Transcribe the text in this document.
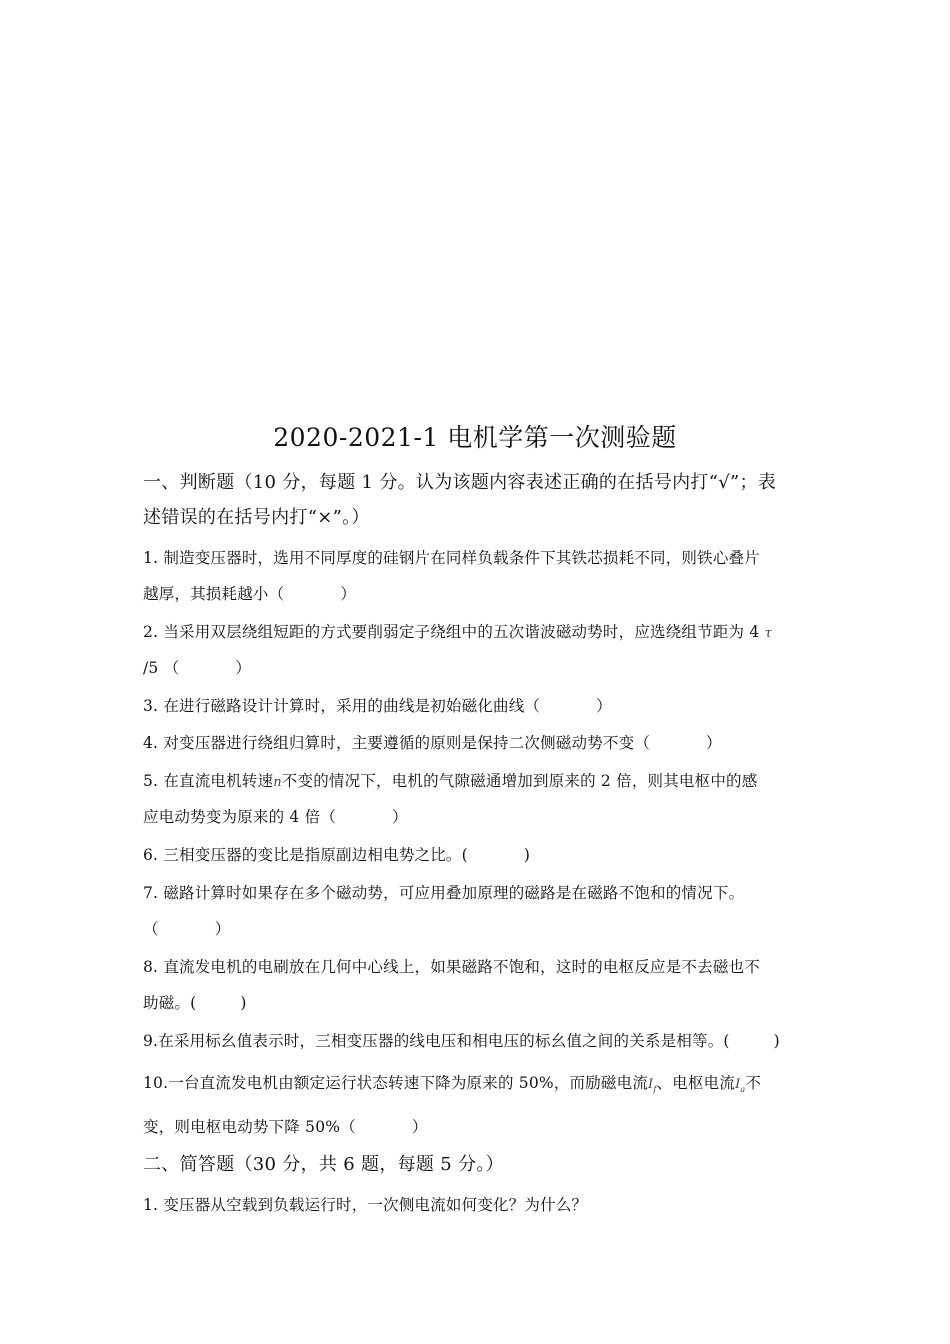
2020-2021-1 电机学第一次测验题
一、判断题（10 分，每题 1 分。认为该题内容表述正确的在括号内打“√”；表
述错误的在括号内打“×”。）
1. 制造变压器时，选用不同厚度的硅钢片在同样负载条件下其铁芯损耗不同，则铁心叠片
越厚，其损耗越小（	）
2. 当采用双层绕组短距的方式要削弱定子绕组中的五次谐波磁动势时，应选绕组节距为 4 τ
/5 （	）
3. 在进行磁路设计计算时，采用的曲线是初始磁化曲线（	）
4. 对变压器进行绕组归算时，主要遵循的原则是保持二次侧磁动势不变（	）
5. 在直流电机转速n不变的情况下，电机的气隙磁通增加到原来的 2 倍，则其电枢中的感
应电动势变为原来的 4 倍（	）
6. 三相变压器的变比是指原副边相电势之比。(	)
7. 磁路计算时如果存在多个磁动势，可应用叠加原理的磁路是在磁路不饱和的情况下。
（	）
8. 直流发电机的电刷放在几何中心线上，如果磁路不饱和，这时的电枢反应是不去磁也不
助磁。(	)
9.在采用标幺值表示时，三相变压器的线电压和相电压的标幺值之间的关系是相等。(	)
10.一台直流发电机由额定运行状态转速下降为原来的 50%，而励磁电流$I_f$、电枢电流$I_a$不
变，则电枢电动势下降 50%（	）
二、简答题（30 分，共 6 题，每题 5 分。）
1. 变压器从空载到负载运行时，一次侧电流如何变化？为什么？
